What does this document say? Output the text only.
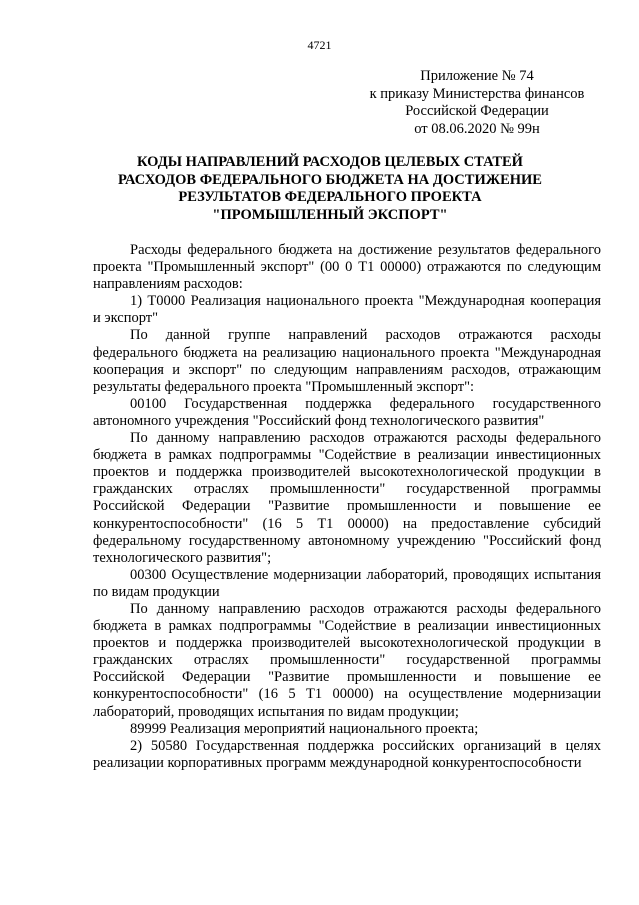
4721
Приложение № 74
к приказу Министерства финансов
Российской Федерации
от 08.06.2020 № 99н
КОДЫ НАПРАВЛЕНИЙ РАСХОДОВ ЦЕЛЕВЫХ СТАТЕЙ
РАСХОДОВ ФЕДЕРАЛЬНОГО БЮДЖЕТА НА ДОСТИЖЕНИЕ
РЕЗУЛЬТАТОВ ФЕДЕРАЛЬНОГО ПРОЕКТА
"ПРОМЫШЛЕННЫЙ ЭКСПОРТ"

Расходы федерального бюджета на достижение результатов федерального проекта "Промышленный экспорт" (00 0 Т1 00000) отражаются по следующим направлениям расходов:

1) Т0000 Реализация национального проекта "Международная кооперация и экспорт"

По данной группе направлений расходов отражаются расходы федерального бюджета на реализацию национального проекта "Международная кооперация и экспорт" по следующим направлениям расходов, отражающим результаты федерального проекта "Промышленный экспорт":

00100 Государственная поддержка федерального государственного автономного учреждения "Российский фонд технологического развития"

По данному направлению расходов отражаются расходы федерального бюджета в рамках подпрограммы "Содействие в реализации инвестиционных проектов и поддержка производителей высокотехнологической продукции в гражданских отраслях промышленности" государственной программы Российской Федерации "Развитие промышленности и повышение ее конкурентоспособности" (16 5 Т1 00000) на предоставление субсидий федеральному государственному автономному учреждению "Российский фонд технологического развития";

00300 Осуществление модернизации лабораторий, проводящих испытания по видам продукции

По данному направлению расходов отражаются расходы федерального бюджета в рамках подпрограммы "Содействие в реализации инвестиционных проектов и поддержка производителей высокотехнологической продукции в гражданских отраслях промышленности" государственной программы Российской Федерации "Развитие промышленности и повышение ее конкурентоспособности" (16 5 Т1 00000) на осуществление модернизации лабораторий, проводящих испытания по видам продукции;

89999 Реализация мероприятий национального проекта;

2) 50580 Государственная поддержка российских организаций в целях реализации корпоративных программ международной конкурентоспособности
